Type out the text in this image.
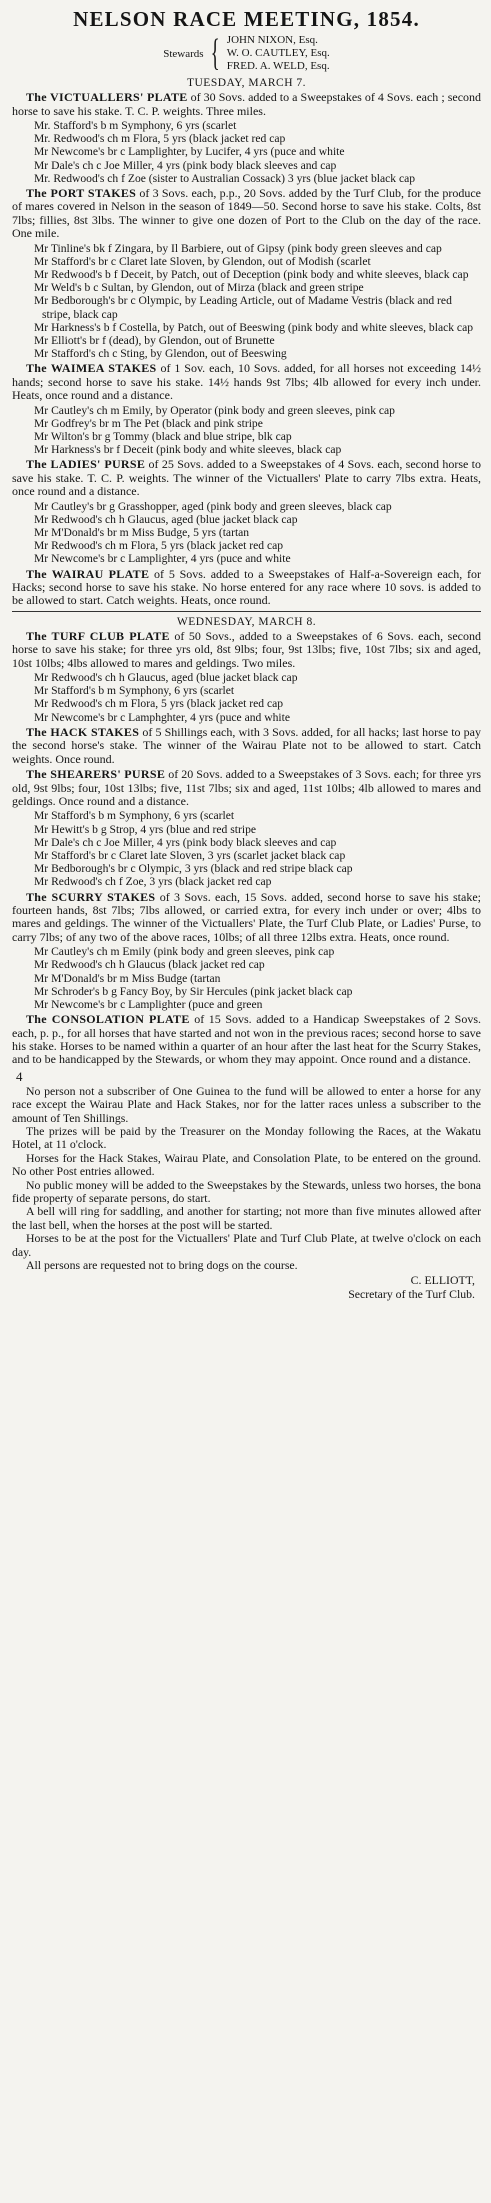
NELSON RACE MEETING, 1854.
Stewards { JOHN NIXON, Esq.
W. O. CAUTLEY, Esq.
FRED. A. WELD, Esq.
TUESDAY, MARCH 7.
The VICTUALLERS' PLATE of 30 Sovs. added to a Sweepstakes of 4 Sovs. each ; second horse to save his stake. T. C. P. weights. Three miles.
Mr. Stafford's b m Symphony, 6 yrs (scarlet
Mr. Redwood's ch m Flora, 5 yrs (black jacket red cap
Mr Newcome's br c Lamplighter, by Lucifer, 4 yrs (puce and white
Mr Dale's ch c Joe Miller, 4 yrs (pink body black sleeves and cap
Mr. Redwood's ch f Zoe (sister to Australian Cossack) 3 yrs (blue jacket black cap
The PORT STAKES of 3 Sovs. each, p.p., 20 Sovs. added by the Turf Club, for the produce of mares covered in Nelson in the season of 1849—50. Second horse to save his stake. Colts, 8st 7lbs; fillies, 8st 3lbs. The winner to give one dozen of Port to the Club on the day of the race. One mile.
Mr Tinline's bk f Zingara, by Il Barbiere, out of Gipsy (pink body green sleeves and cap
Mr Stafford's br c Claret late Sloven, by Glendon, out of Modish (scarlet
Mr Redwood's b f Deceit, by Patch, out of Deception (pink body and white sleeves, black cap
Mr Weld's b c Sultan, by Glendon, out of Mirza (black and green stripe
Mr Bedborough's br c Olympic, by Leading Article, out of Madame Vestris (black and red stripe, black cap
Mr Harkness's b f Costella, by Patch, out of Beeswing (pink body and white sleeves, black cap
Mr Elliott's br f (dead), by Glendon, out of Brunette
Mr Stafford's ch c Sting, by Glendon, out of Beeswing
The WAIMEA STAKES of 1 Sov. each, 10 Sovs. added, for all horses not exceeding 14½ hands; second horse to save his stake. 14½ hands 9st 7lbs; 4lb allowed for every inch under. Heats, once round and a distance.
Mr Cautley's ch m Emily, by Operator (pink body and green sleeves, pink cap
Mr Godfrey's br m The Pet (black and pink stripe
Mr Wilton's br g Tommy (black and blue stripe, blk cap
Mr Harkness's br f Deceit (pink body and white sleeves, black cap
The LADIES' PURSE of 25 Sovs. added to a Sweepstakes of 4 Sovs. each, second horse to save his stake. T. C. P. weights. The winner of the Victuallers' Plate to carry 7lbs extra. Heats, once round and a distance.
Mr Cautley's br g Grasshopper, aged (pink body and green sleeves, black cap
Mr Redwood's ch h Glaucus, aged (blue jacket black cap
Mr M'Donald's br m Miss Budge, 5 yrs (tartan
Mr Redwood's ch m Flora, 5 yrs (black jacket red cap
Mr Newcome's br c Lamplighter, 4 yrs (puce and white
The WAIRAU PLATE of 5 Sovs. added to a Sweepstakes of Half-a-Sovereign each, for Hacks; second horse to save his stake. No horse entered for any race where 10 sovs. is added to be allowed to start. Catch weights. Heats, once round.
WEDNESDAY, MARCH 8.
The TURF CLUB PLATE of 50 Sovs., added to a Sweepstakes of 6 Sovs. each, second horse to save his stake; for three yrs old, 8st 9lbs; four, 9st 13lbs; five, 10st 7lbs; six and aged, 10st 10lbs; 4lbs allowed to mares and geldings. Two miles.
Mr Redwood's ch h Glaucus, aged (blue jacket black cap
Mr Stafford's b m Symphony, 6 yrs (scarlet
Mr Redwood's ch m Flora, 5 yrs (black jacket red cap
Mr Newcome's br c Lamphghter, 4 yrs (puce and white
The HACK STAKES of 5 Shillings each, with 3 Sovs. added, for all hacks; last horse to pay the second horse's stake. The winner of the Wairau Plate not to be allowed to start. Catch weights. Once round.
The SHEARERS' PURSE of 20 Sovs. added to a Sweepstakes of 3 Sovs. each; for three yrs old, 9st 9lbs; four, 10st 13lbs; five, 11st 7lbs; six and aged, 11st 10lbs; 4lb allowed to mares and geldings. Once round and a distance.
Mr Stafford's b m Symphony, 6 yrs (scarlet
Mr Hewitt's b g Strop, 4 yrs (blue and red stripe
Mr Dale's ch c Joe Miller, 4 yrs (pink body black sleeves and cap
Mr Stafford's br c Claret late Sloven, 3 yrs (scarlet jacket black cap
Mr Bedborough's br c Olympic, 3 yrs (black and red stripe black cap
Mr Redwood's ch f Zoe, 3 yrs (black jacket red cap
The SCURRY STAKES of 3 Sovs. each, 15 Sovs. added, second horse to save his stake; fourteen hands, 8st 7lbs; 7lbs allowed, or carried extra, for every inch under or over; 4lbs to mares and geldings. The winner of the Victuallers' Plate, the Turf Club Plate, or Ladies' Purse, to carry 7lbs; of any two of the above races, 10lbs; of all three 12lbs extra. Heats, once round.
Mr Cautley's ch m Emily (pink body and green sleeves, pink cap
Mr Redwood's ch h Glaucus (black jacket red cap
Mr M'Donald's br m Miss Budge (tartan
Mr Schroder's b g Fancy Boy, by Sir Hercules (pink jacket black cap
Mr Newcome's br c Lamplighter (puce and green
The CONSOLATION PLATE of 15 Sovs. added to a Handicap Sweepstakes of 2 Sovs. each, p. p., for all horses that have started and not won in the previous races; second horse to save his stake. Horses to be named within a quarter of an hour after the last heat for the Scurry Stakes, and to be handicapped by the Stewards, or whom they may appoint. Once round and a distance.
4

No person not a subscriber of One Guinea to the fund will be allowed to enter a horse for any race except the Wairau Plate and Hack Stakes, nor for the latter races unless a subscriber to the amount of Ten Shillings.

The prizes will be paid by the Treasurer on the Monday following the Races, at the Wakatu Hotel, at 11 o'clock.

Horses for the Hack Stakes, Wairau Plate, and Consolation Plate, to be entered on the ground. No other Post entries allowed.

No public money will be added to the Sweepstakes by the Stewards, unless two horses, the bona fide property of separate persons, do start.

A bell will ring for saddling, and another for starting; not more than five minutes allowed after the last bell, when the horses at the post will be started.

Horses to be at the post for the Victuallers' Plate and Turf Club Plate, at twelve o'clock on each day.

All persons are requested not to bring dogs on the course.

C. ELLIOTT,
Secretary of the Turf Club.
